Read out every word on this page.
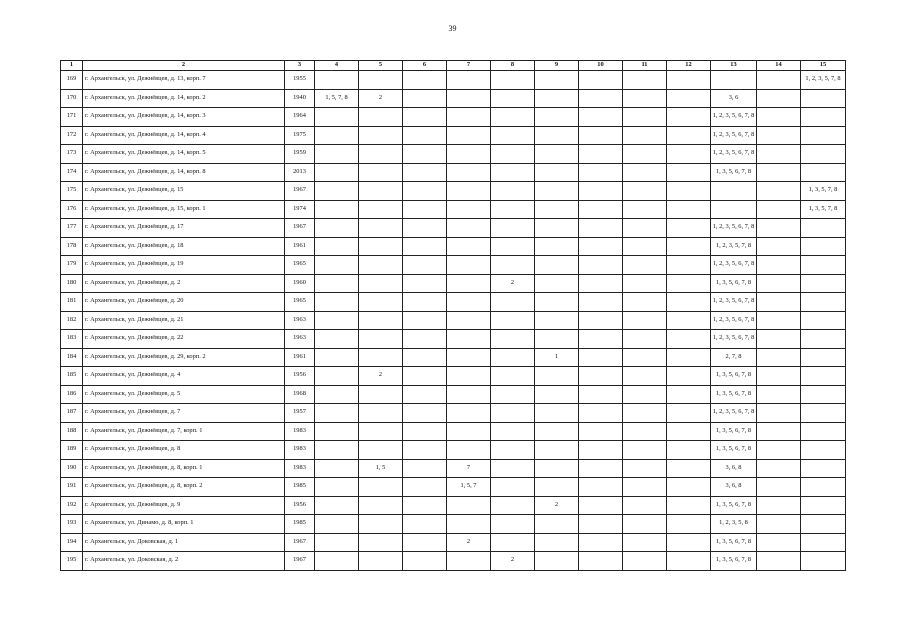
39
1	2	3	4	5	6	7	8	9	10	11	12	13	14	15
169	г. Архангельск, ул. Дежнёвцев, д. 13, корп. 7	1955												1, 2, 3, 5, 7, 8
170	г. Архангельск, ул. Дежнёвцев, д. 14, корп. 2	1940	1, 5, 7, 8	2								3, 6		
171	г. Архангельск, ул. Дежнёвцев, д. 14, корп. 3	1964										1, 2, 3, 5, 6, 7, 8		
172	г. Архангельск, ул. Дежнёвцев, д. 14, корп. 4	1975										1, 2, 3, 5, 6, 7, 8		
173	г. Архангельск, ул. Дежнёвцев, д. 14, корп. 5	1959										1, 2, 3, 5, 6, 7, 8		
174	г. Архангельск, ул. Дежнёвцев, д. 14, корп. 8	2013										1, 3, 5, 6, 7, 8		
175	г. Архангельск, ул. Дежнёвцев, д. 15	1967												1, 3, 5, 7, 8
176	г. Архангельск, ул. Дежнёвцев, д. 15, корп. 1	1974												1, 3, 5, 7, 8
177	г. Архангельск, ул. Дежнёвцев, д. 17	1967										1, 2, 3, 5, 6, 7, 8		
178	г. Архангельск, ул. Дежнёвцев, д. 18	1961										1, 2, 3, 5, 7, 8		
179	г. Архангельск, ул. Дежнёвцев, д. 19	1965										1, 2, 3, 5, 6, 7, 8		
180	г. Архангельск, ул. Дежнёвцев, д. 2	1960					2					1, 3, 5, 6, 7, 8		
181	г. Архангельск, ул. Дежнёвцев, д. 20	1965										1, 2, 3, 5, 6, 7, 8		
182	г. Архангельск, ул. Дежнёвцев, д. 21	1963										1, 2, 3, 5, 6, 7, 8		
183	г. Архангельск, ул. Дежнёвцев, д. 22	1963										1, 2, 3, 5, 6, 7, 8		
184	г. Архангельск, ул. Дежнёвцев, д. 29, корп. 2	1961						1				2, 7, 8		
185	г. Архангельск, ул. Дежнёвцев, д. 4	1956		2								1, 3, 5, 6, 7, 8		
186	г. Архангельск, ул. Дежнёвцев, д. 5	1968										1, 3, 5, 6, 7, 8		
187	г. Архангельск, ул. Дежнёвцев, д. 7	1957										1, 2, 3, 5, 6, 7, 8		
188	г. Архангельск, ул. Дежнёвцев, д. 7, корп. 1	1983										1, 3, 5, 6, 7, 8		
189	г. Архангельск, ул. Дежнёвцев, д. 8	1983										1, 3, 5, 6, 7, 8		
190	г. Архангельск, ул. Дежнёвцев, д. 8, корп. 1	1983		1, 5		7						3, 6, 8		
191	г. Архангельск, ул. Дежнёвцев, д. 8, корп. 2	1985				1, 5, 7						3, 6, 8		
192	г. Архангельск, ул. Дежнёвцев, д. 9	1956						2				1, 3, 5, 6, 7, 8		
193	г. Архангельск, ул. Динамо, д. 8, корп. 1	1985										1, 2, 3, 5, 8		
194	г. Архангельск, ул. Доковская, д. 1	1967				2						1, 3, 5, 6, 7, 8		
195	г. Архангельск, ул. Доковская, д. 2	1967					2					1, 3, 5, 6, 7, 8		
